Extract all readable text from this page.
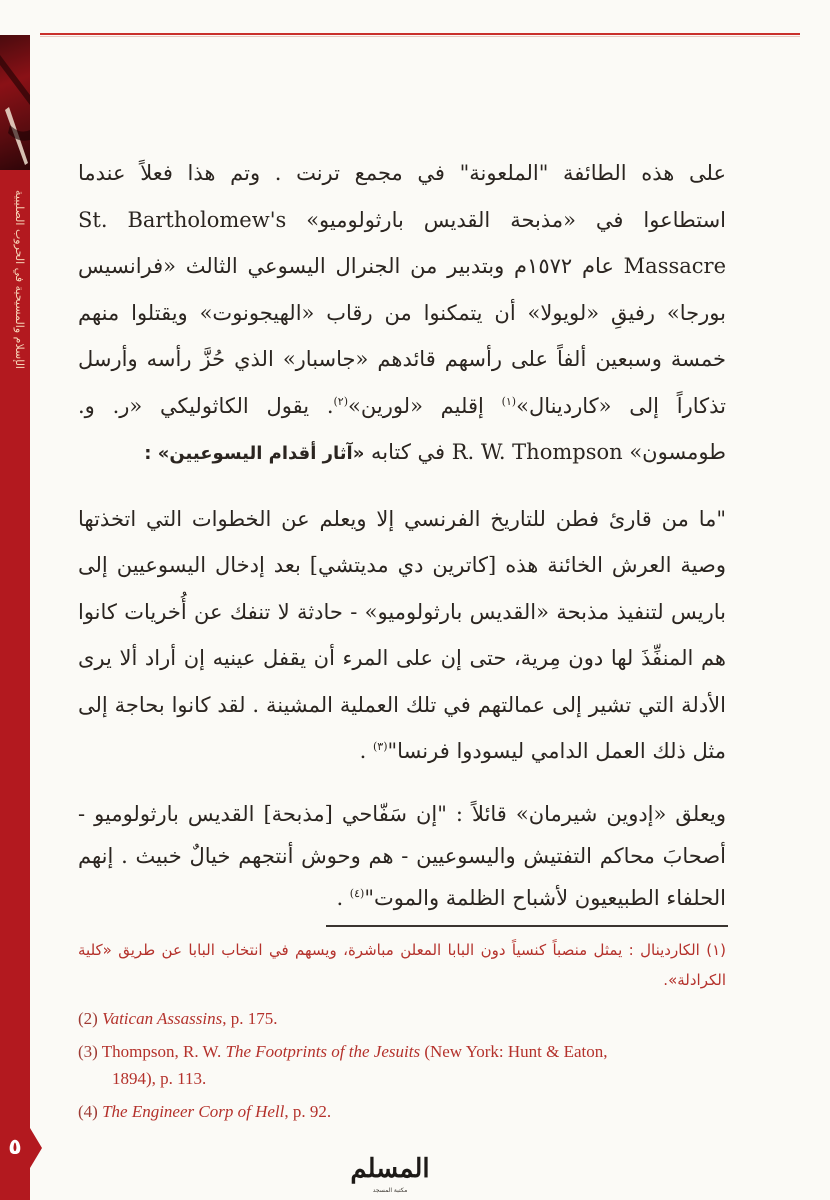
الإسلام والمسيحية في الحروب الصليبية
٥

على هذه الطائفة "الملعونة" في مجمع ترنت . وتم هذا فعلاً عندما استطاعوا في «مذبحة القديس بارثولوميو» St. Bartholomew's Massacre عام ١٥٧٢م وبتدبير من الجنرال اليسوعي الثالث «فرانسيس بورجا» رفيقِ «لويولا» أن يتمكنوا من رقاب «الهيجونوت» ويقتلوا منهم خمسة وسبعين ألفاً على رأسهم قائدهم «جاسبار» الذي حُزَّ رأسه وأرسل تذكاراً إلى «كاردينال»$^{(١)}$ إقليم «لورين»$^{(٢)}$. يقول الكاثوليكي «ر. و. طومسون» R. W. Thompson في كتابه «آثار أقدام اليسوعيين» :

"ما من قارئ فطن للتاريخ الفرنسي إلا ويعلم عن الخطوات التي اتخذتها وصية العرش الخائنة هذه [كاترين دي مديتشي] بعد إدخال اليسوعيين إلى باريس لتنفيذ مذبحة «القديس بارثولوميو» - حادثة لا تنفك عن أُخريات كانوا هم المنفِّذَ لها دون مِرية، حتى إن على المرء أن يقفل عينيه إن أراد ألا يرى الأدلة التي تشير إلى عمالتهم في تلك العملية المشينة . لقد كانوا بحاجة إلى مثل ذلك العمل الدامي ليسودوا فرنسا"$^{(٣)}$ .

ويعلق «إدوين شيرمان» قائلاً : "إن سَفّاحي [مذبحة] القديس بارثولوميو - أصحابَ محاكم التفتيش واليسوعيين - هم وحوش أنتجهم خيالٌ خبيث . إنهم الحلفاء الطبيعيون لأشباح الظلمة والموت"$^{(٤)}$ .

(١) الكاردينال : يمثل منصباً كنسياً دون البابا المعلن مباشرة، ويسهم في انتخاب البابا عن طريق «كلية الكرادلة».

(2) Vatican Assassins, p. 175.

(3) Thompson, R. W. The Footprints of the Jesuits (New York: Hunt & Eaton,
1894), p. 113.

(4) The Engineer Corp of Hell, p. 92.

المسلم
مكتبة المسجد
